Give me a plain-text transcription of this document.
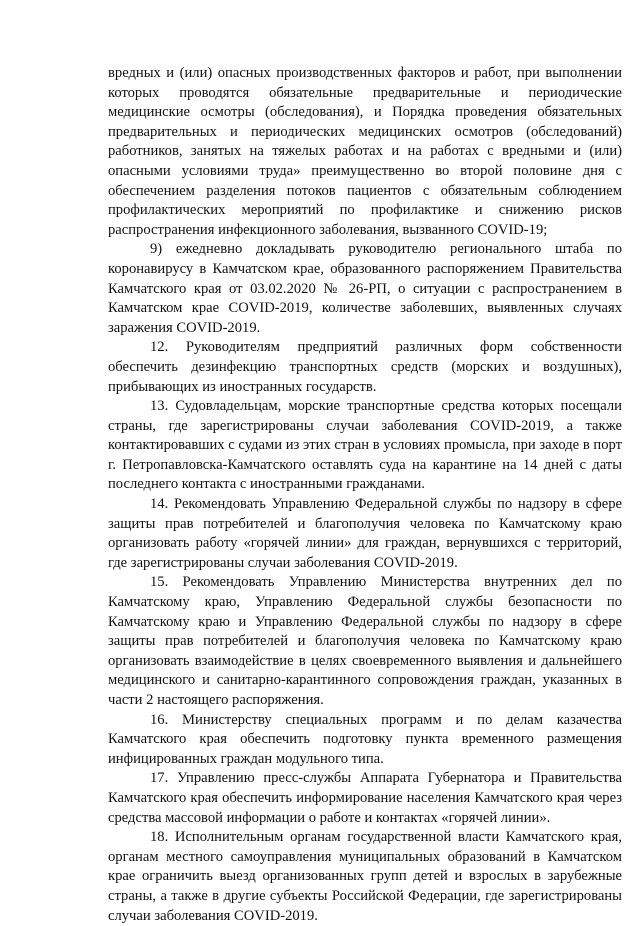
вредных и (или) опасных производственных факторов и работ, при выполнении которых проводятся обязательные предварительные и периодические медицинские осмотры (обследования), и Порядка проведения обязательных предварительных и периодических медицинских осмотров (обследований) работников, занятых на тяжелых работах и на работах с вредными и (или) опасными условиями труда» преимущественно во второй половине дня с обеспечением разделения потоков пациентов с обязательным соблюдением профилактических мероприятий по профилактике и снижению рисков распространения инфекционного заболевания, вызванного COVID-19;

9) ежедневно докладывать руководителю регионального штаба по коронавирусу в Камчатском крае, образованного распоряжением Правительства Камчатского края от 03.02.2020 № 26-РП, о ситуации с распространением в Камчатском крае COVID-2019, количестве заболевших, выявленных случаях заражения COVID-2019.

12. Руководителям предприятий различных форм собственности обеспечить дезинфекцию транспортных средств (морских и воздушных), прибывающих из иностранных государств.

13. Судовладельцам, морские транспортные средства которых посещали страны, где зарегистрированы случаи заболевания COVID-2019, а также контактировавших с судами из этих стран в условиях промысла, при заходе в порт г. Петропавловска-Камчатского оставлять суда на карантине на 14 дней с даты последнего контакта с иностранными гражданами.

14. Рекомендовать Управлению Федеральной службы по надзору в сфере защиты прав потребителей и благополучия человека по Камчатскому краю организовать работу «горячей линии» для граждан, вернувшихся с территорий, где зарегистрированы случаи заболевания COVID-2019.

15. Рекомендовать Управлению Министерства внутренних дел по Камчатскому краю, Управлению Федеральной службы безопасности по Камчатскому краю и Управлению Федеральной службы по надзору в сфере защиты прав потребителей и благополучия человека по Камчатскому краю организовать взаимодействие в целях своевременного выявления и дальнейшего медицинского и санитарно-карантинного сопровождения граждан, указанных в части 2 настоящего распоряжения.

16. Министерству специальных программ и по делам казачества Камчатского края обеспечить подготовку пункта временного размещения инфицированных граждан модульного типа.

17. Управлению пресс-службы Аппарата Губернатора и Правительства Камчатского края обеспечить информирование населения Камчатского края через средства массовой информации о работе и контактах «горячей линии».

18. Исполнительным органам государственной власти Камчатского края, органам местного самоуправления муниципальных образований в Камчатском крае ограничить выезд организованных групп детей и взрослых в зарубежные страны, а также в другие субъекты Российской Федерации, где зарегистрированы случаи заболевания COVID-2019.
